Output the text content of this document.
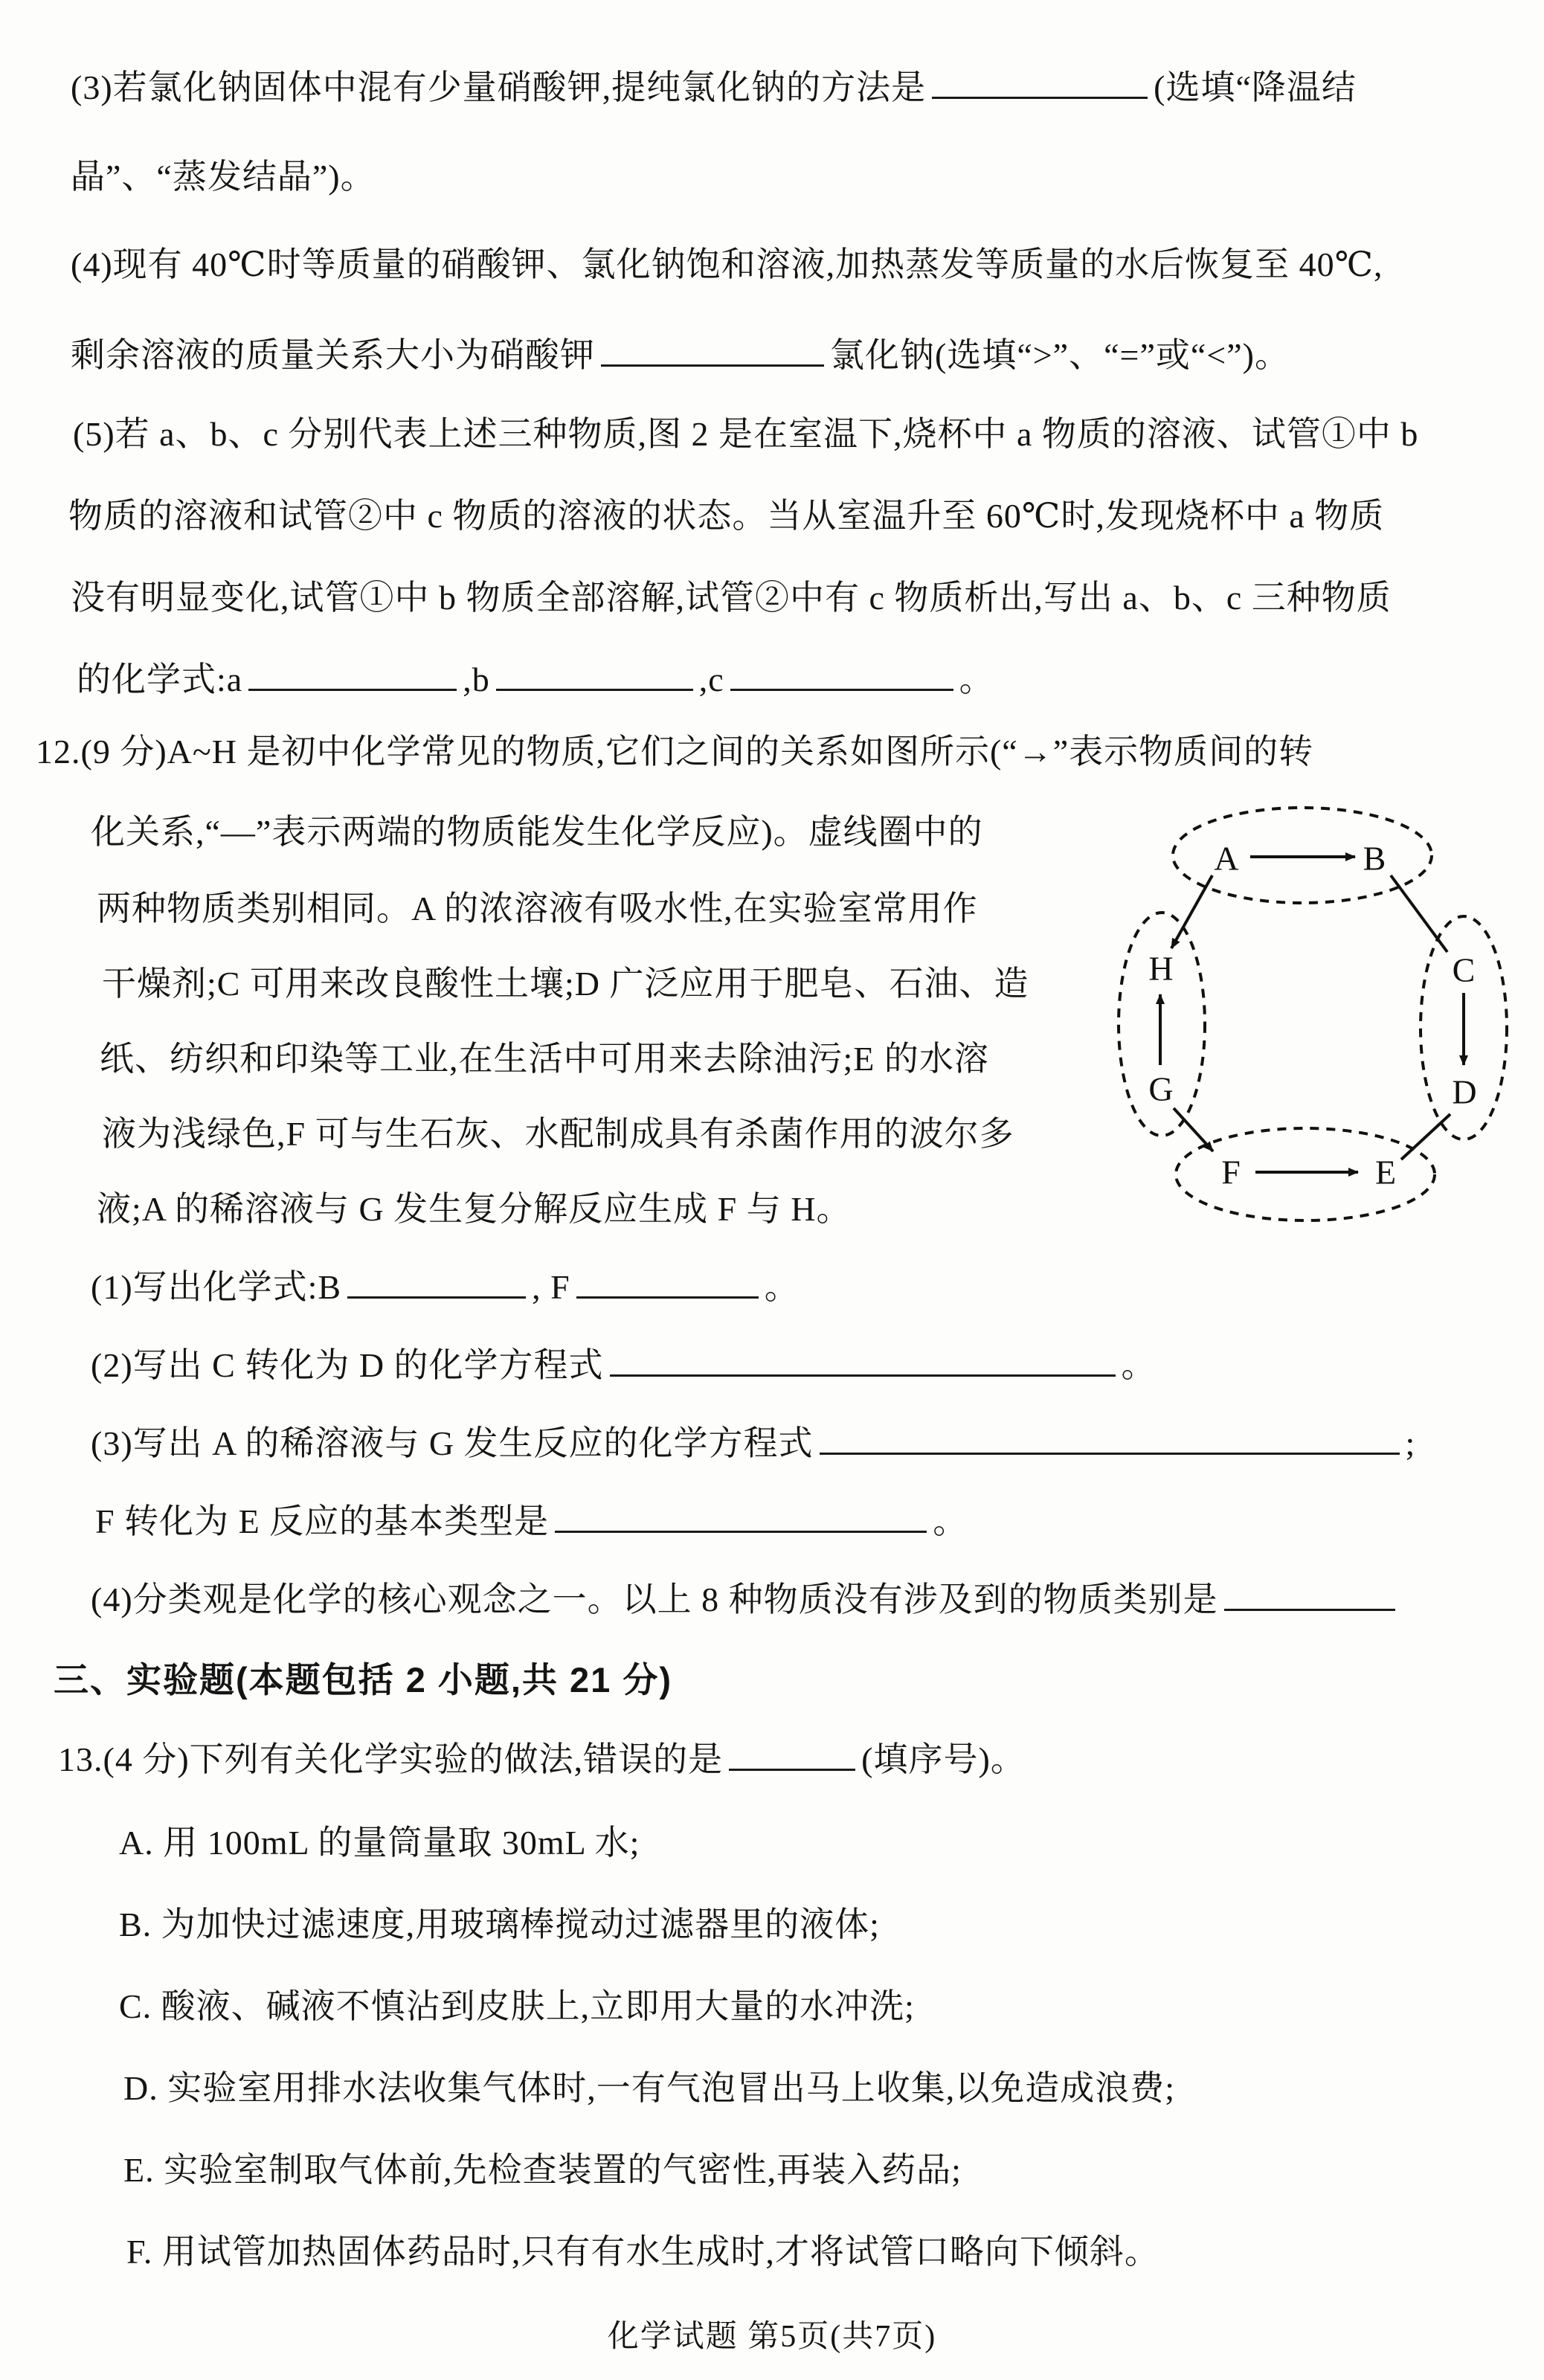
(3)若氯化钠固体中混有少量硝酸钾,提纯氯化钠的方法是	(选填“降温结
晶”、“蒸发结晶”)。
(4)现有 40℃时等质量的硝酸钾、氯化钠饱和溶液,加热蒸发等质量的水后恢复至 40℃,
剩余溶液的质量关系大小为硝酸钾	氯化钠(选填“>”、“=”或“<”)。
(5)若 a、b、c 分别代表上述三种物质,图 2 是在室温下,烧杯中 a 物质的溶液、试管①中 b
物质的溶液和试管②中 c 物质的溶液的状态。当从室温升至 60℃时,发现烧杯中 a 物质
没有明显变化,试管①中 b 物质全部溶解,试管②中有 c 物质析出,写出 a、b、c 三种物质
的化学式:a	,b	,c	。
12.(9 分)A~H 是初中化学常见的物质,它们之间的关系如图所示(“→”表示物质间的转
化关系,“—”表示两端的物质能发生化学反应)。虚线圈中的
两种物质类别相同。A 的浓溶液有吸水性,在实验室常用作
干燥剂;C 可用来改良酸性土壤;D 广泛应用于肥皂、石油、造
纸、纺织和印染等工业,在生活中可用来去除油污;E 的水溶
液为浅绿色,F 可与生石灰、水配制成具有杀菌作用的波尔多
液;A 的稀溶液与 G 发生复分解反应生成 F 与 H。
A	B
H
G
C
D
F	E
(1)写出化学式:B	, F	。
(2)写出 C 转化为 D 的化学方程式	。
(3)写出 A 的稀溶液与 G 发生反应的化学方程式	;
F 转化为 E 反应的基本类型是	。
(4)分类观是化学的核心观念之一。以上 8 种物质没有涉及到的物质类别是
三、实验题(本题包括 2 小题,共 21 分)
13.(4 分)下列有关化学实验的做法,错误的是	(填序号)。
A. 用 100mL 的量筒量取 30mL 水;
B. 为加快过滤速度,用玻璃棒搅动过滤器里的液体;
C. 酸液、碱液不慎沾到皮肤上,立即用大量的水冲洗;
D. 实验室用排水法收集气体时,一有气泡冒出马上收集,以免造成浪费;
E. 实验室制取气体前,先检查装置的气密性,再装入药品;
F. 用试管加热固体药品时,只有有水生成时,才将试管口略向下倾斜。
化学试题 第5页(共7页)
